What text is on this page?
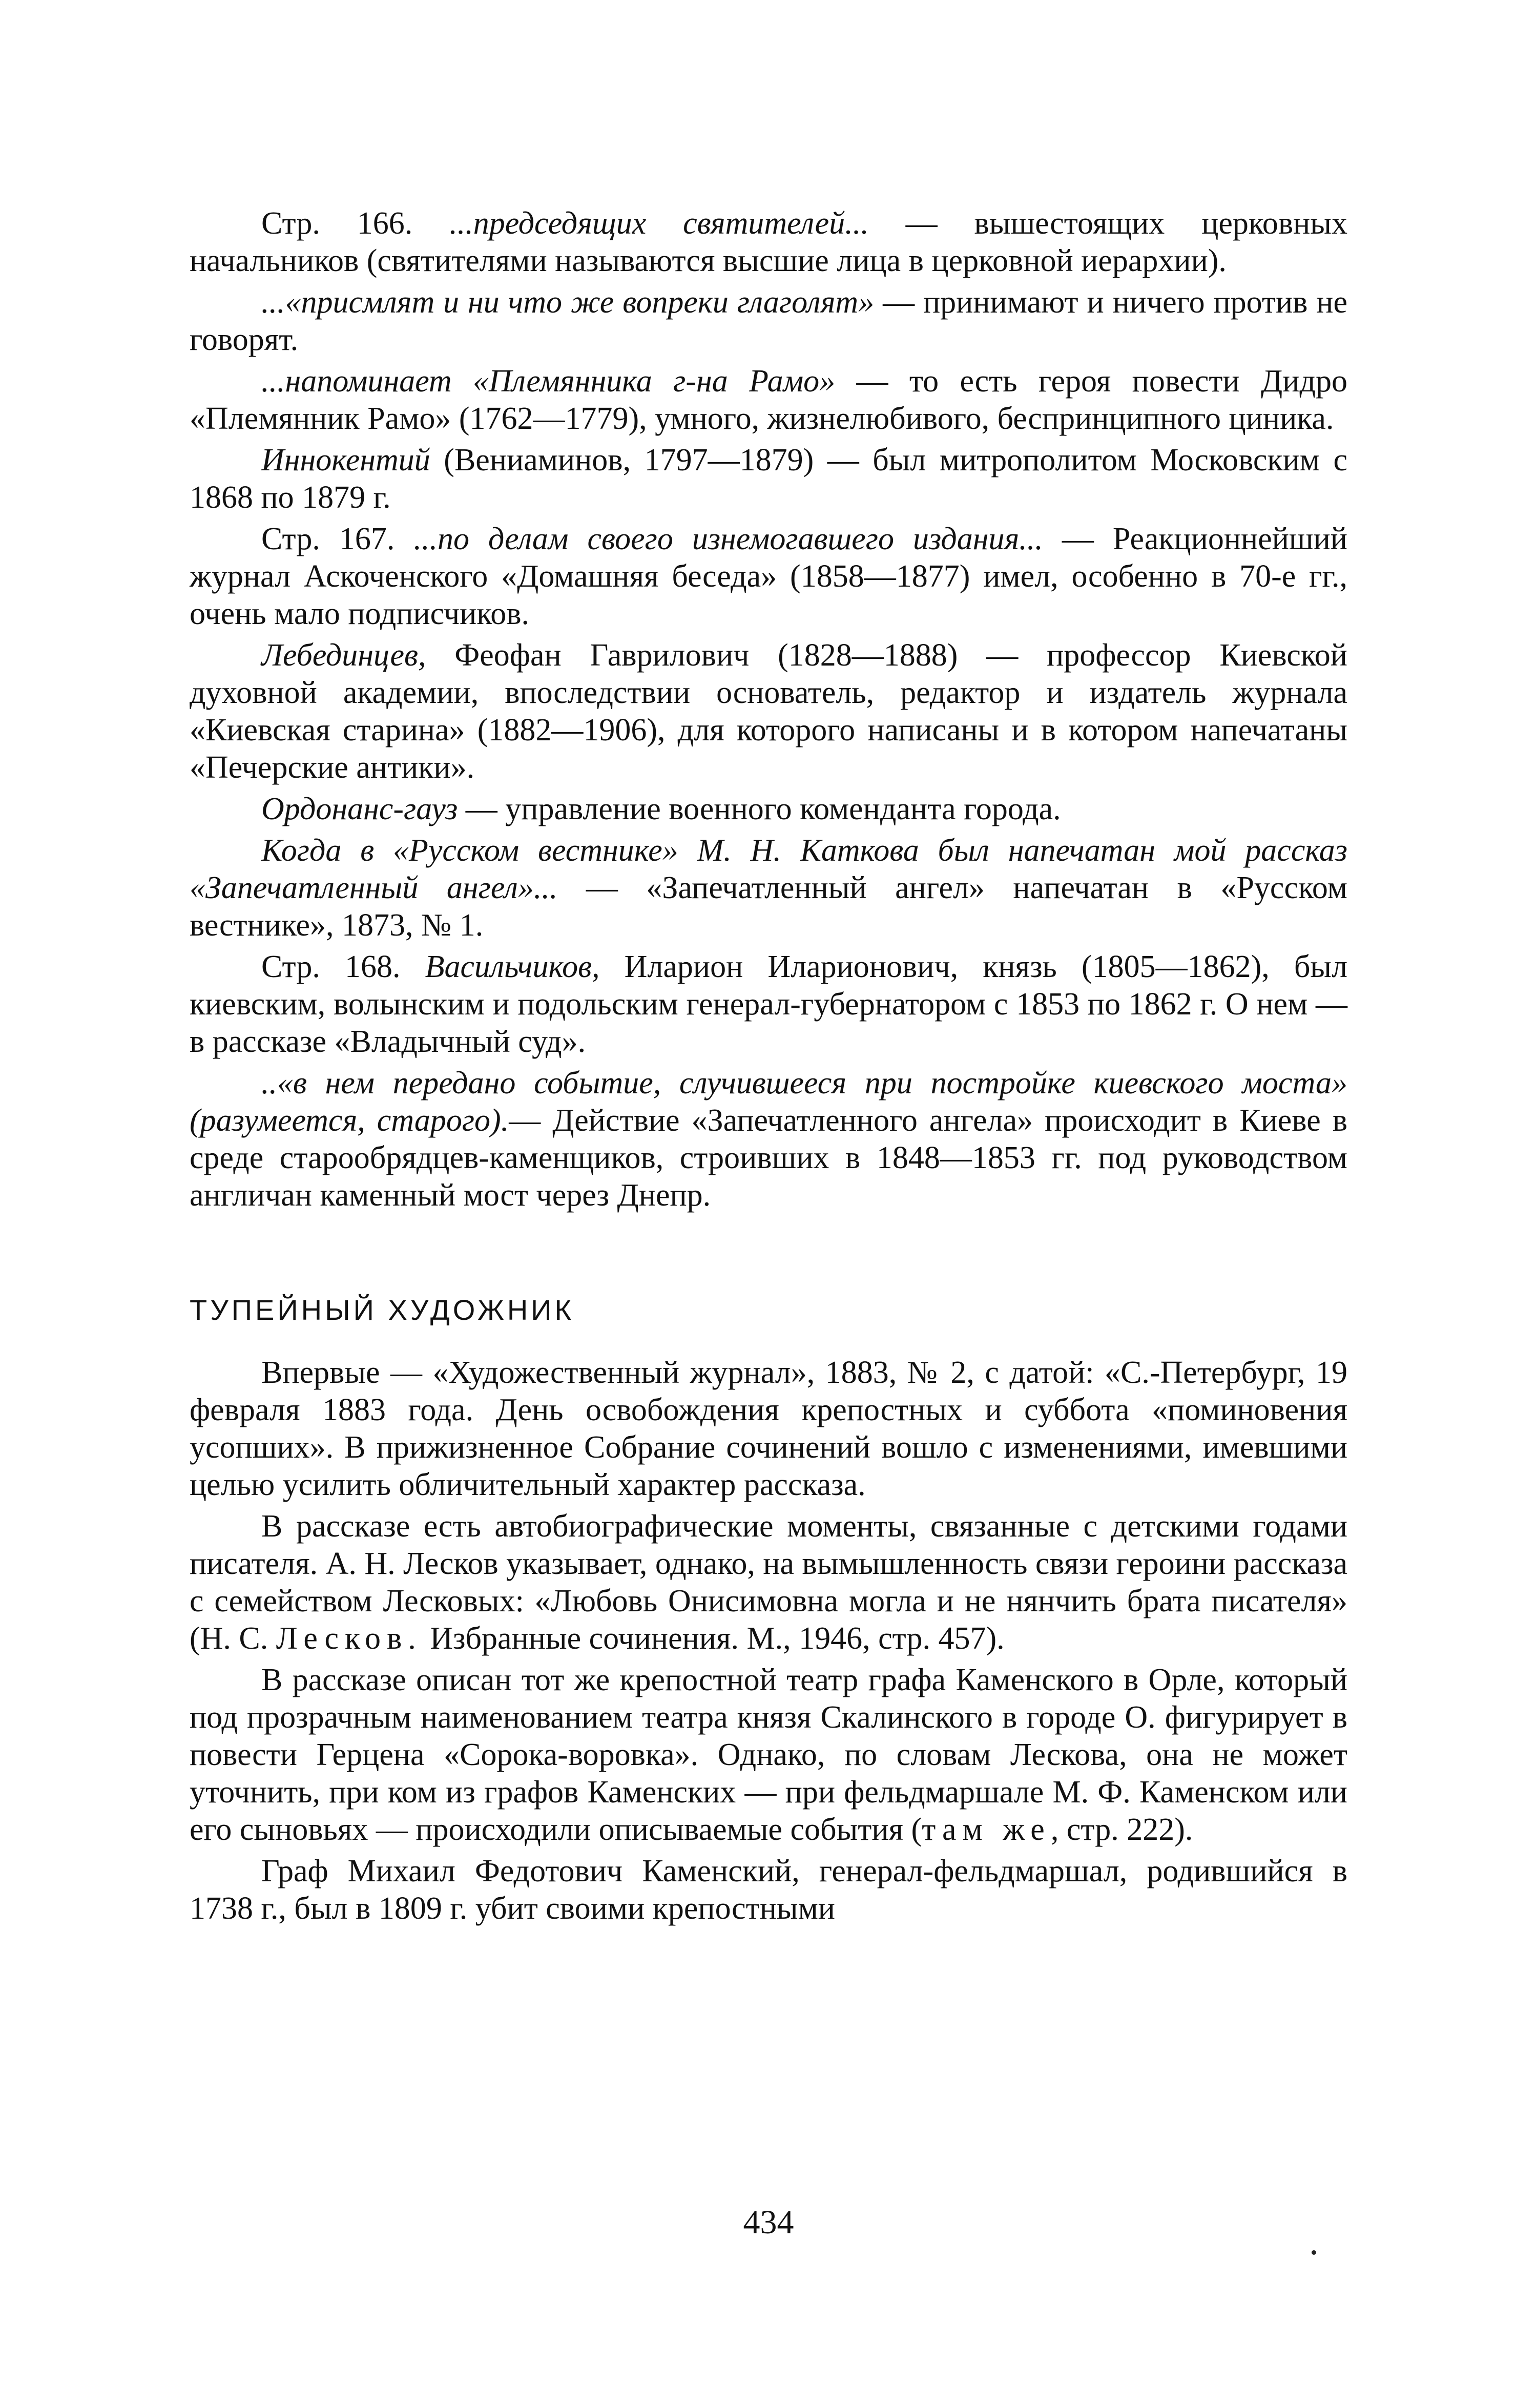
Стр. 166. ...председящих святителей... — вышестоящих церковных начальников (святителями называются высшие лица в церковной иерархии).

...«присмлят и ни что же вопреки глаголят» — принимают и ничего против не говорят.

...напоминает «Племянника г-на Рамо» — то есть героя повести Дидро «Племянник Рамо» (1762—1779), умного, жизнелюбивого, беспринципного циника.

Иннокентий (Вениаминов, 1797—1879) — был митрополитом Московским с 1868 по 1879 г.

Стр. 167. ...по делам своего изнемогавшего издания... — Реакционнейший журнал Аскоченского «Домашняя беседа» (1858—1877) имел, особенно в 70-е гг., очень мало подписчиков.

Лебединцев, Феофан Гаврилович (1828—1888) — профессор Киевской духовной академии, впоследствии основатель, редактор и издатель журнала «Киевская старина» (1882—1906), для которого написаны и в котором напечатаны «Печерские антики».

Ордонанс-гауз — управление военного коменданта города.

Когда в «Русском вестнике» М. Н. Каткова был напечатан мой рассказ «Запечатленный ангел»... — «Запечатленный ангел» напечатан в «Русском вестнике», 1873, № 1.

Стр. 168. Васильчиков, Иларион Иларионович, князь (1805—1862), был киевским, волынским и подольским генерал-губернатором с 1853 по 1862 г. О нем — в рассказе «Владычный суд».

..«в нем передано событие, случившееся при постройке киевского моста» (разумеется, старого).— Действие «Запечатленного ангела» происходит в Киеве в среде старообрядцев-каменщиков, строивших в 1848—1853 гг. под руководством англичан каменный мост через Днепр.

ТУПЕЙНЫЙ ХУДОЖНИК

Впервые — «Художественный журнал», 1883, № 2, с датой: «С.-Петербург, 19 февраля 1883 года. День освобождения крепостных и суббота «поминовения усопших». В прижизненное Собрание сочинений вошло с изменениями, имевшими целью усилить обличительный характер рассказа.

В рассказе есть автобиографические моменты, связанные с детскими годами писателя. А. Н. Лесков указывает, однако, на вымышленность связи героини рассказа с семейством Лесковых: «Любовь Онисимовна могла и не нянчить брата писателя» (Н. С. Лесков. Избранные сочинения. М., 1946, стр. 457).

В рассказе описан тот же крепостной театр графа Каменского в Орле, который под прозрачным наименованием театра князя Скалинского в городе О. фигурирует в повести Герцена «Сорока-воровка». Однако, по словам Лескова, она не может уточнить, при ком из графов Каменских — при фельдмаршале М. Ф. Каменском или его сыновьях — происходили описываемые события (там же, стр. 222).

Граф Михаил Федотович Каменский, генерал-фельдмаршал, родившийся в 1738 г., был в 1809 г. убит своими крепостными

434
